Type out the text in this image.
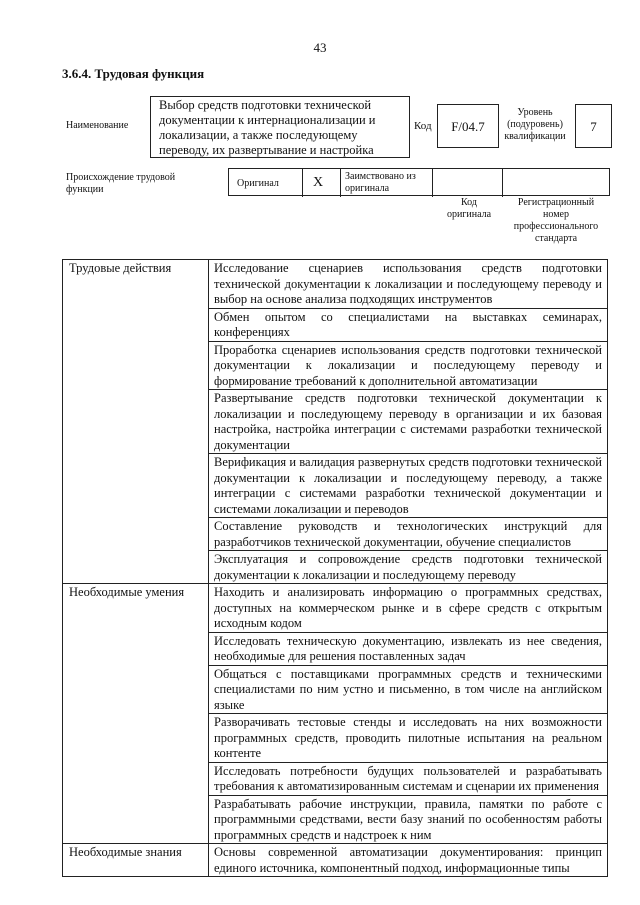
43
3.6.4. Трудовая функция
Наименование
Выбор средств подготовки технической документации к интернационализации и локализации, а также последующему переводу, их развертывание и настройка
Код	F/04.7
Уровень (подуровень) квалификации
7
Происхождение трудовой функции
Оригинал X Заимствовано из оригинала
Код оригинала
Регистрационный номер профессионального стандарта
Трудовые действия	Исследование сценариев использования средств подготовки технической документации к локализации и последующему переводу и выбор на основе анализа подходящих инструментов
	Обмен опытом со специалистами на выставках семинарах, конференциях
	Проработка сценариев использования средств подготовки технической документации к локализации и последующему переводу и формирование требований к дополнительной автоматизации
	Развертывание средств подготовки технической документации к локализации и последующему переводу в организации и их базовая настройка, настройка интеграции с системами разработки технической документации
	Верификация и валидация развернутых средств подготовки технической документации к локализации и последующему переводу, а также интеграции с системами разработки технической документации и системами локализации и переводов
	Составление руководств и технологических инструкций для разработчиков технической документации, обучение специалистов
	Эксплуатация и сопровождение средств подготовки технической документации к локализации и последующему переводу
Необходимые умения	Находить и анализировать информацию о программных средствах, доступных на коммерческом рынке и в сфере средств с открытым исходным кодом
	Исследовать техническую документацию, извлекать из нее сведения, необходимые для решения поставленных задач
	Общаться с поставщиками программных средств и техническими специалистами по ним устно и письменно, в том числе на английском языке
	Разворачивать тестовые стенды и исследовать на них возможности программных средств, проводить пилотные испытания на реальном контенте
	Исследовать потребности будущих пользователей и разрабатывать требования к автоматизированным системам и сценарии их применения
	Разрабатывать рабочие инструкции, правила, памятки по работе с программными средствами, вести базу знаний по особенностям работы программных средств и надстроек к ним
Необходимые знания	Основы современной автоматизации документирования: принцип единого источника, компонентный подход, информационные типы
